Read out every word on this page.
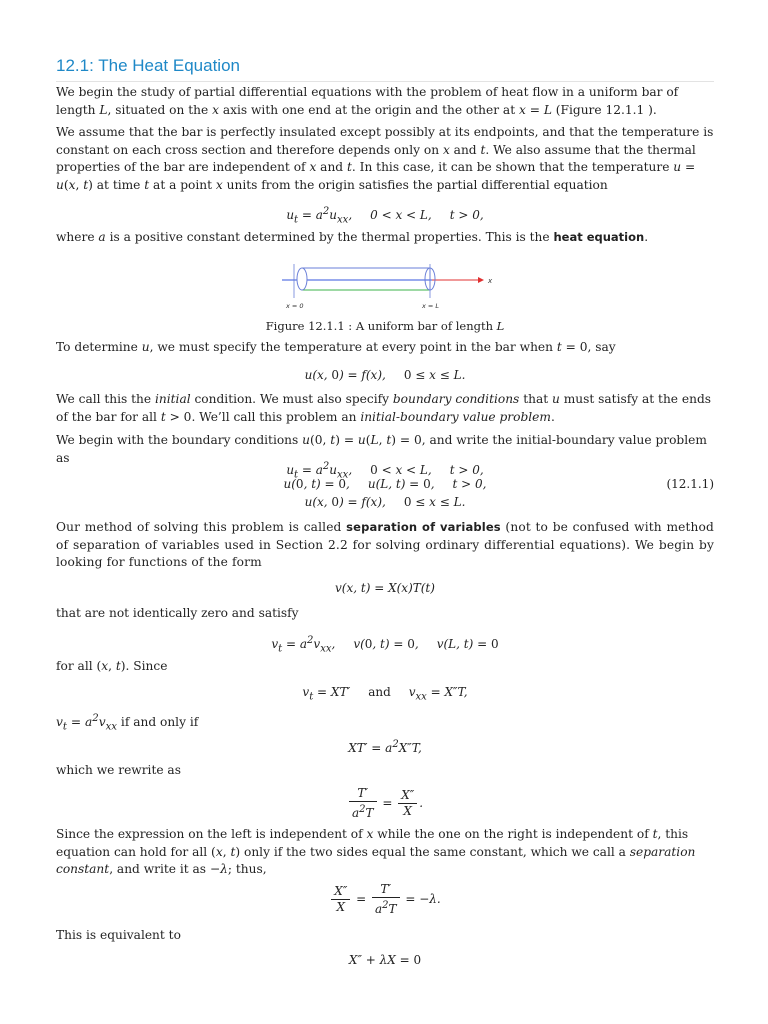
12.1: The Heat Equation

We begin the study of partial differential equations with the problem of heat flow in a uniform bar of length L, situated on the x axis with one end at the origin and the other at x = L (Figure 12.1.1 ).

We assume that the bar is perfectly insulated except possibly at its endpoints, and that the temperature is constant on each cross section and therefore depends only on x and t. We also assume that the thermal properties of the bar are independent of x and t. In this case, it can be shown that the temperature u = u(x, t) at time t at a point x units from the origin satisfies the partial differential equation

$u_t = a^2u_{xx}$, 0 < x < L, t > 0,

where a is a positive constant determined by the thermal properties. This is the heat equation.

x = 0	x = L
x
Figure 12.1.1 : A uniform bar of length L

To determine u, we must specify the temperature at every point in the bar when t = 0, say

u(x, 0) = f(x), 0 ≤ x ≤ L.

We call this the initial condition. We must also specify boundary conditions that u must satisfy at the ends of the bar for all t > 0. We’ll call this problem an initial-boundary value problem.

We begin with the boundary conditions u(0, t) = u(L, t) = 0, and write the initial-boundary value problem as

$u_t = a^2u_{xx}$, 0 < x < L, t > 0,
u(0, t) = 0, u(L, t) = 0, t > 0,	(12.1.1)
u(x, 0) = f(x), 0 ≤ x ≤ L.

Our method of solving this problem is called separation of variables (not to be confused with method of separation of variables used in Section 2.2 for solving ordinary differential equations). We begin by looking for functions of the form

v(x, t) = X(x)T(t)

that are not identically zero and satisfy

$v_t = a^2v_{xx}$, v(0, t) = 0, v(L, t) = 0

for all (x, t). Since

$v_t = XT'$ and $v_{xx} = X''T$,

$v_t = a^2v_{xx}$ if and only if

$XT' = a^2X''T$,

which we rewrite as

$\frac{T'}{a^2T} = \frac{X''}{X}$ .

Since the expression on the left is independent of x while the one on the right is independent of t, this equation can hold for all (x, t) only if the two sides equal the same constant, which we call a separation constant, and write it as −λ; thus,

$\frac{X''}{X} = \frac{T'}{a^2T} = -\lambda$.

This is equivalent to

X″ + λX = 0
